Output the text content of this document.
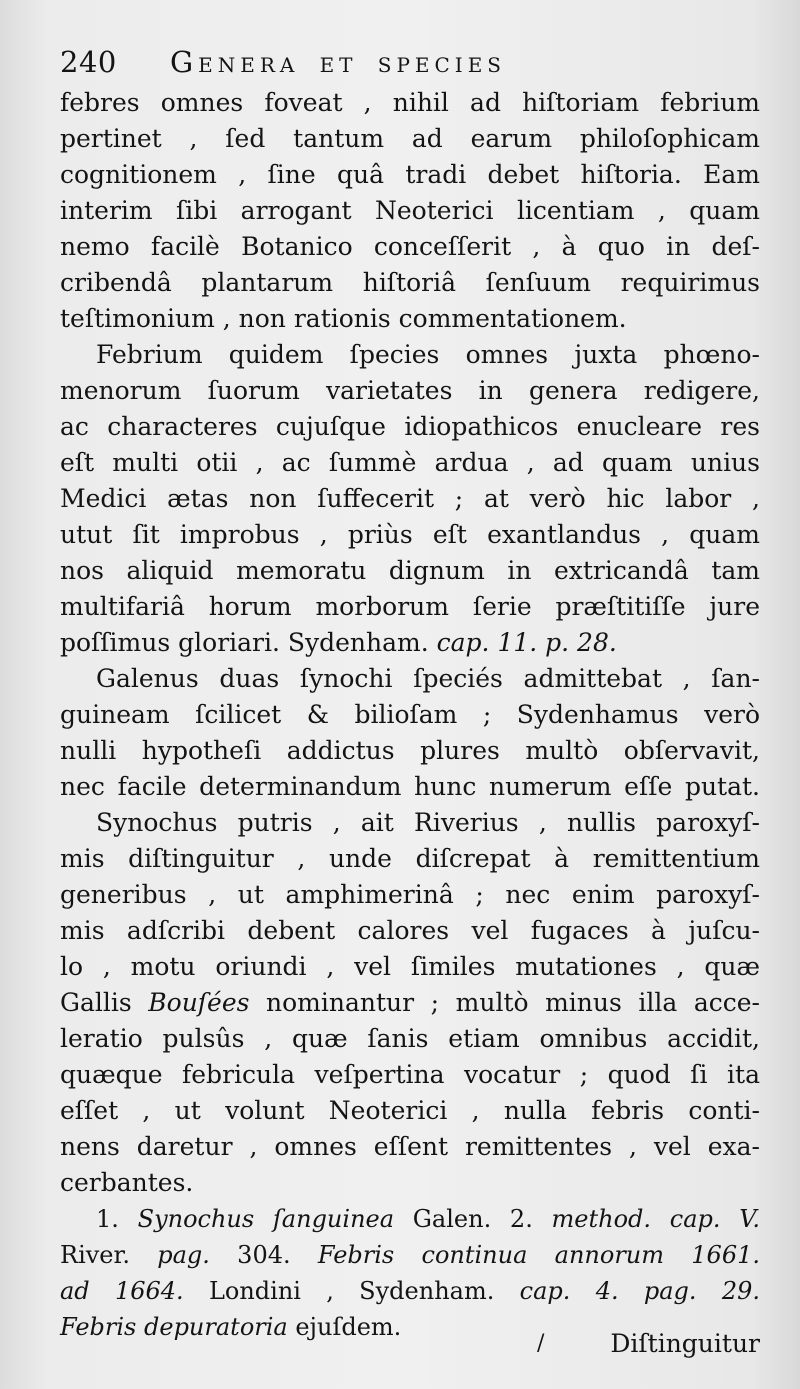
240 Genera et species
febres omnes foveat , nihil ad hiſtoriam febrium
pertinet , ſed tantum ad earum philoſophicam
cognitionem , ſine quâ tradi debet hiſtoria. Eam
interim ſibi arrogant Neoterici licentiam , quam
nemo facilè Botanico conceſſerit , à quo in deſ-
cribendâ plantarum hiſtoriâ ſenſuum requirimus
teſtimonium , non rationis commentationem.
Febrium quidem ſpecies omnes juxta phœno-
menorum ſuorum varietates in genera redigere,
ac characteres cujuſque idiopathicos enucleare res
eſt multi otii , ac ſummè ardua , ad quam unius
Medici ætas non ſuffecerit ; at verò hic labor ,
utut ſit improbus , priùs eſt exantlandus , quam
nos aliquid memoratu dignum in extricandâ tam
multifariâ horum morborum ſerie præſtitiſſe jure
poſſimus gloriari. Sydenham. cap. 11. p. 28.
Galenus duas ſynochi ſpeciés admittebat , ſan-
guineam ſcilicet & bilioſam ; Sydenhamus verò
nulli hypotheſi addictus plures multò obſervavit,
nec facile determinandum hunc numerum eſſe putat.
Synochus putris , ait Riverius , nullis paroxyſ-
mis diſtinguitur , unde diſcrepat à remittentium
generibus , ut amphimerinâ ; nec enim paroxyſ-
mis adſcribi debent calores vel fugaces à juſcu-
lo , motu oriundi , vel ſimiles mutationes , quæ
Gallis Bouſées nominantur ; multò minus illa acce-
leratio pulsûs , quæ ſanis etiam omnibus accidit,
quæque febricula veſpertina vocatur ; quod ſi ita
eſſet , ut volunt Neoterici , nulla febris conti-
nens daretur , omnes eſſent remittentes , vel exa-
cerbantes.
1. Synochus ſanguinea Galen. 2. method. cap. V.
River. pag. 304. Febris continua annorum 1661.
ad 1664. Londini , Sydenham. cap. 4. pag. 29.
Febris depuratoria ejuſdem.
/	Diſtinguitur
